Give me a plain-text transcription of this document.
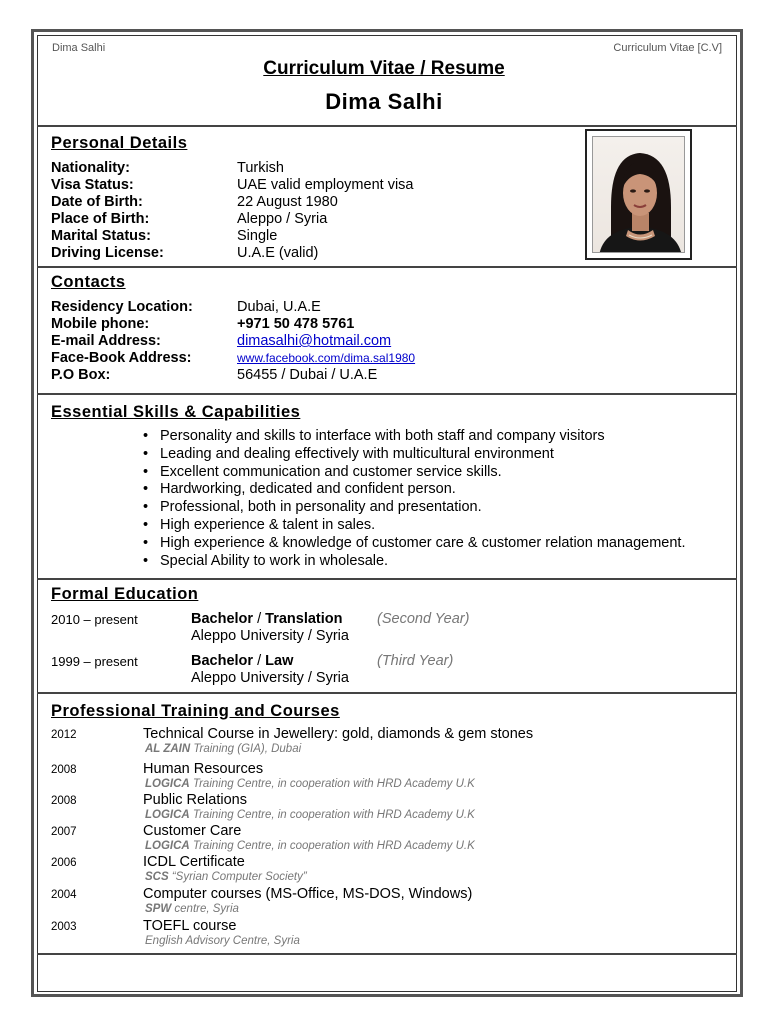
Dima Salhi	Curriculum Vitae [C.V]
Curriculum Vitae / Resume
Dima Salhi
Personal Details
Nationality:	Turkish
Visa Status:	UAE valid employment visa
Date of Birth:	22 August 1980
Place of Birth:	Aleppo / Syria
Marital Status:	Single
Driving License:	U.A.E (valid)
Contacts
Residency Location:	Dubai, U.A.E
Mobile phone:	+971 50 478 5761
E-mail Address:	dimasalhi@hotmail.com
Face-Book Address:	www.facebook.com/dima.sal1980
P.O Box:	56455 / Dubai / U.A.E
Essential Skills & Capabilities
• Personality and skills to interface with both staff and company visitors
• Leading and dealing effectively with multicultural environment
• Excellent communication and customer service skills.
• Hardworking, dedicated and confident person.
• Professional, both in personality and presentation.
• High experience & talent in sales.
• High experience & knowledge of customer care & customer relation management.
• Special Ability to work in wholesale.
Formal Education
2010 – present	Bachelor / Translation (Second Year)
Aleppo University / Syria
1999 – present	Bachelor / Law	(Third Year)
Aleppo University / Syria
Professional Training and Courses
2012	Technical Course in Jewellery: gold, diamonds & gem stones
AL ZAIN Training (GIA), Dubai
2008	Human Resources
LOGICA Training Centre, in cooperation with HRD Academy U.K
2008	Public Relations
LOGICA Training Centre, in cooperation with HRD Academy U.K
2007	Customer Care
LOGICA Training Centre, in cooperation with HRD Academy U.K
2006	ICDL Certificate
SCS “Syrian Computer Society”
2004	Computer courses (MS-Office, MS-DOS, Windows)
SPW centre, Syria
2003	TOEFL course
English Advisory Centre, Syria
